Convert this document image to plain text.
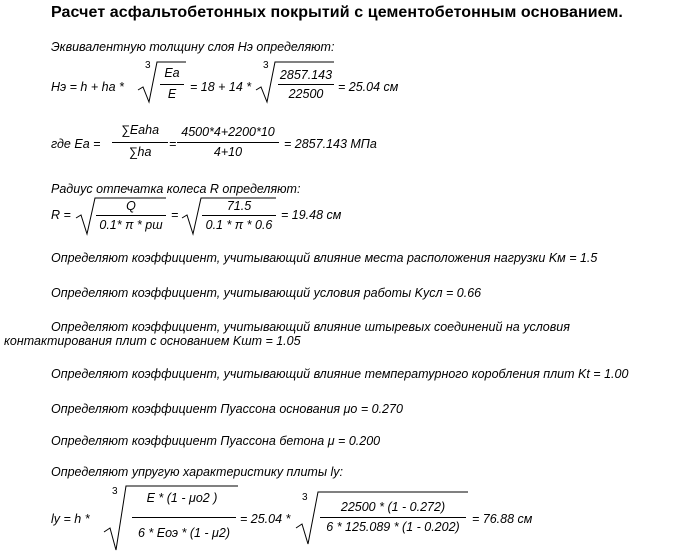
Расчет асфальтобетонных покрытий с цементобетонным основанием.
Эквивалентную толщину слоя Hэ определяют:
Hэ = h + hа *
3
Eа
E	= 18 + 14 *
3
2857.143
22500	= 25.04 см
где Eа =
∑Eаhа
∑hа
=
4500*4+2200*10
4+10
= 2857.143 МПа
Радиус отпечатка колеса R определяют:
R =
Q
0.1* π * pш
=
71.5
0.1 * π * 0.6
= 19.48 см
Определяют коэффициент, учитывающий влияние места расположения нагрузки Kм = 1.5
Определяют коэффициент, учитывающий условия работы Kусл = 0.66
Определяют коэффициент, учитывающий влияние штыревых соединений на условия
контактирования плит с основанием Kшт = 1.05
Определяют коэффициент, учитывающий влияние температурного коробления плит Kt = 1.00
Определяют коэффициент Пуассона основания μо = 0.270
Определяют коэффициент Пуассона бетона μ = 0.200
Определяют упругую характеристику плиты ly:
ly = h *
3	E * (1 - μо2 )
6 * Eоэ * (1 - μ2)
= 25.04 *
3
22500 * (1 - 0.272)
6 * 125.089 * (1 - 0.202)
= 76.88 см
